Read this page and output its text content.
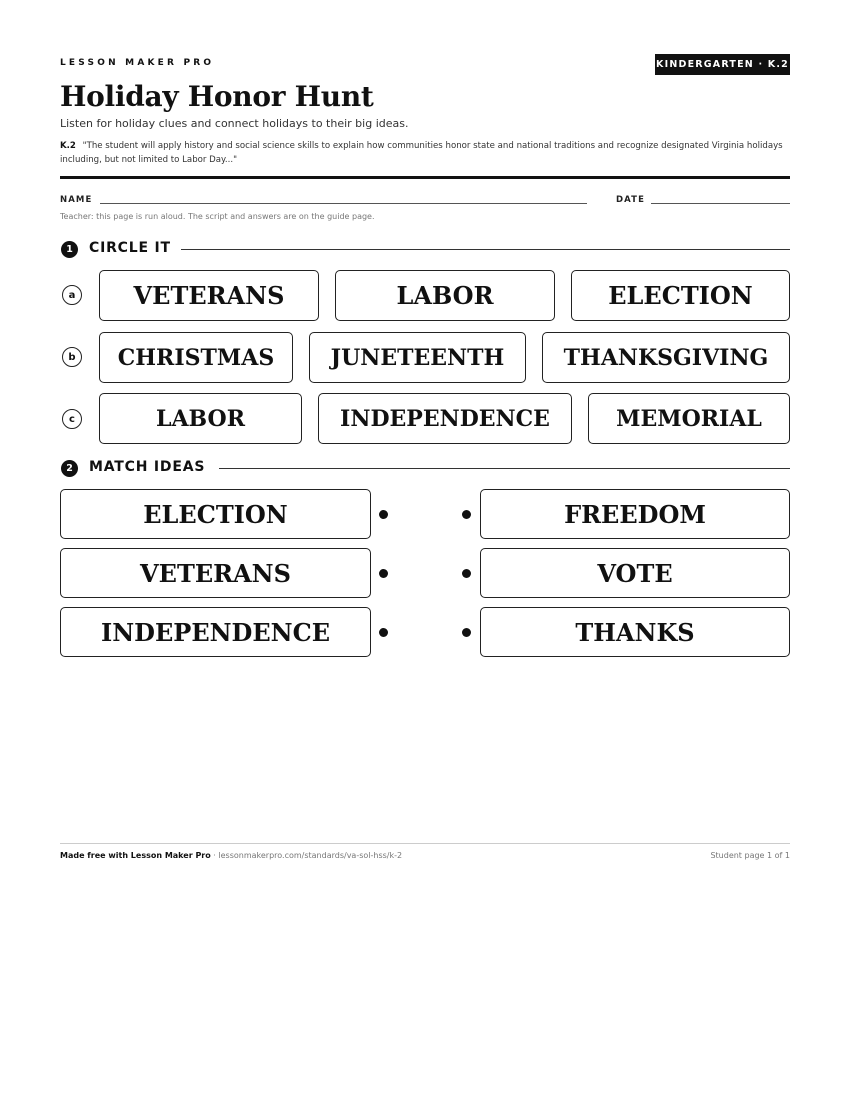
LESSON MAKER PRO	KINDERGARTEN · K.2
Holiday Honor Hunt
Listen for holiday clues and connect holidays to their big ideas.
K.2 "The student will apply history and social science skills to explain how communities honor state and national traditions and recognize designated Virginia holidays including, but not limited to Labor Day..."
NAME	DATE
Teacher: this page is run aloud. The script and answers are on the guide page.
1	CIRCLE IT
a	VETERANS	LABOR	ELECTION
b	CHRISTMAS	JUNETEENTH	THANKSGIVING
c	LABOR	INDEPENDENCE	MEMORIAL
2	MATCH IDEAS
ELECTION	FREEDOM
VETERANS	VOTE
INDEPENDENCE	THANKS
Made free with Lesson Maker Pro · lessonmakerpro.com/standards/va-sol-hss/k-2	Student page 1 of 1
